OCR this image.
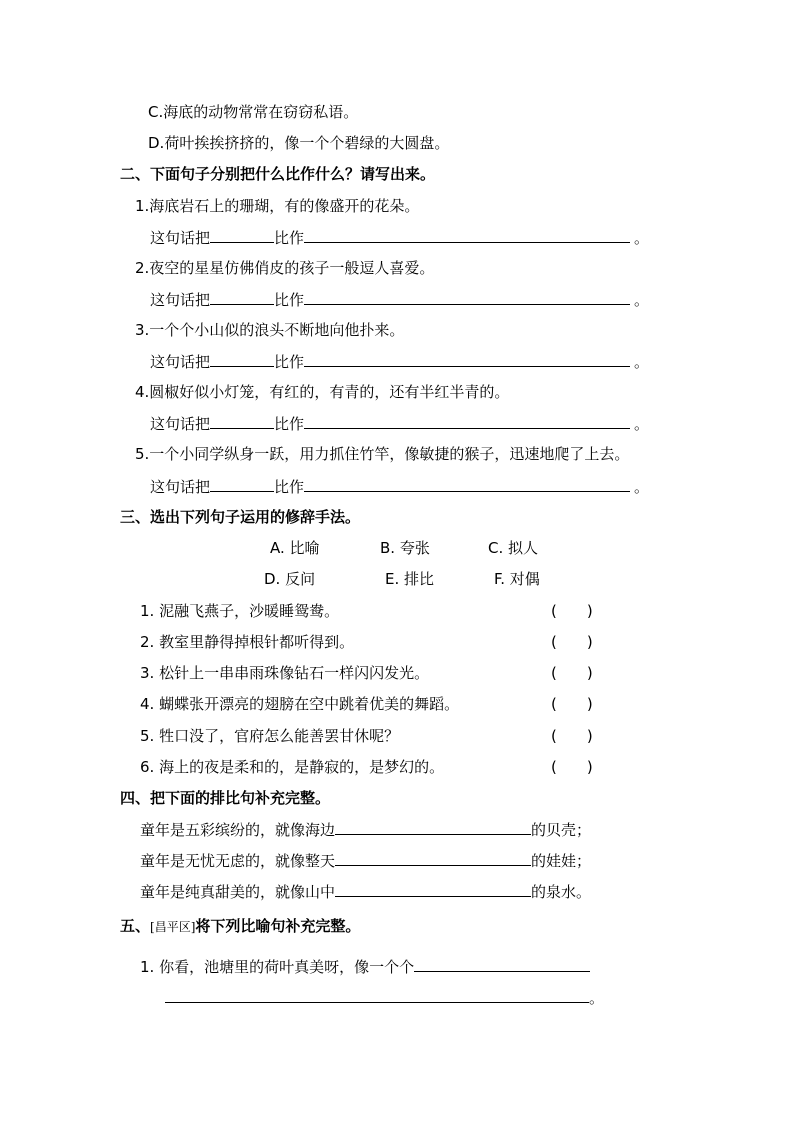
C.海底的动物常常在窃窃私语。
D.荷叶挨挨挤挤的，像一个个碧绿的大圆盘。
二、下面句子分别把什么比作什么？请写出来。
1.海底岩石上的珊瑚，有的像盛开的花朵。
这句话把	比作	。
2.夜空的星星仿佛俏皮的孩子一般逗人喜爱。
这句话把	比作	。
3.一个个小山似的浪头不断地向他扑来。
这句话把	比作	。
4.圆椒好似小灯笼，有红的，有青的，还有半红半青的。
这句话把	比作	。
5.一个小同学纵身一跃，用力抓住竹竿，像敏捷的猴子，迅速地爬了上去。
这句话把	比作	。
三、选出下列句子运用的修辞手法。
A. 比喻	B. 夸张	C. 拟人
D. 反问	E. 排比	F. 对偶
1. 泥融飞燕子，沙暖睡鸳鸯。	(　　)
2. 教室里静得掉根针都听得到。	(　　)
3. 松针上一串串雨珠像钻石一样闪闪发光。	(　　)
4. 蝴蝶张开漂亮的翅膀在空中跳着优美的舞蹈。	(　　)
5. 牲口没了，官府怎么能善罢甘休呢？	(　　)
6. 海上的夜是柔和的，是静寂的，是梦幻的。	(　　)
四、把下面的排比句补充完整。
童年是五彩缤纷的，就像海边	的贝壳；
童年是无忧无虑的，就像整天	的娃娃；
童年是纯真甜美的，就像山中	的泉水。
五、[昌平区]将下列比喻句补充完整。
1. 你看，池塘里的荷叶真美呀，像一个个
。
